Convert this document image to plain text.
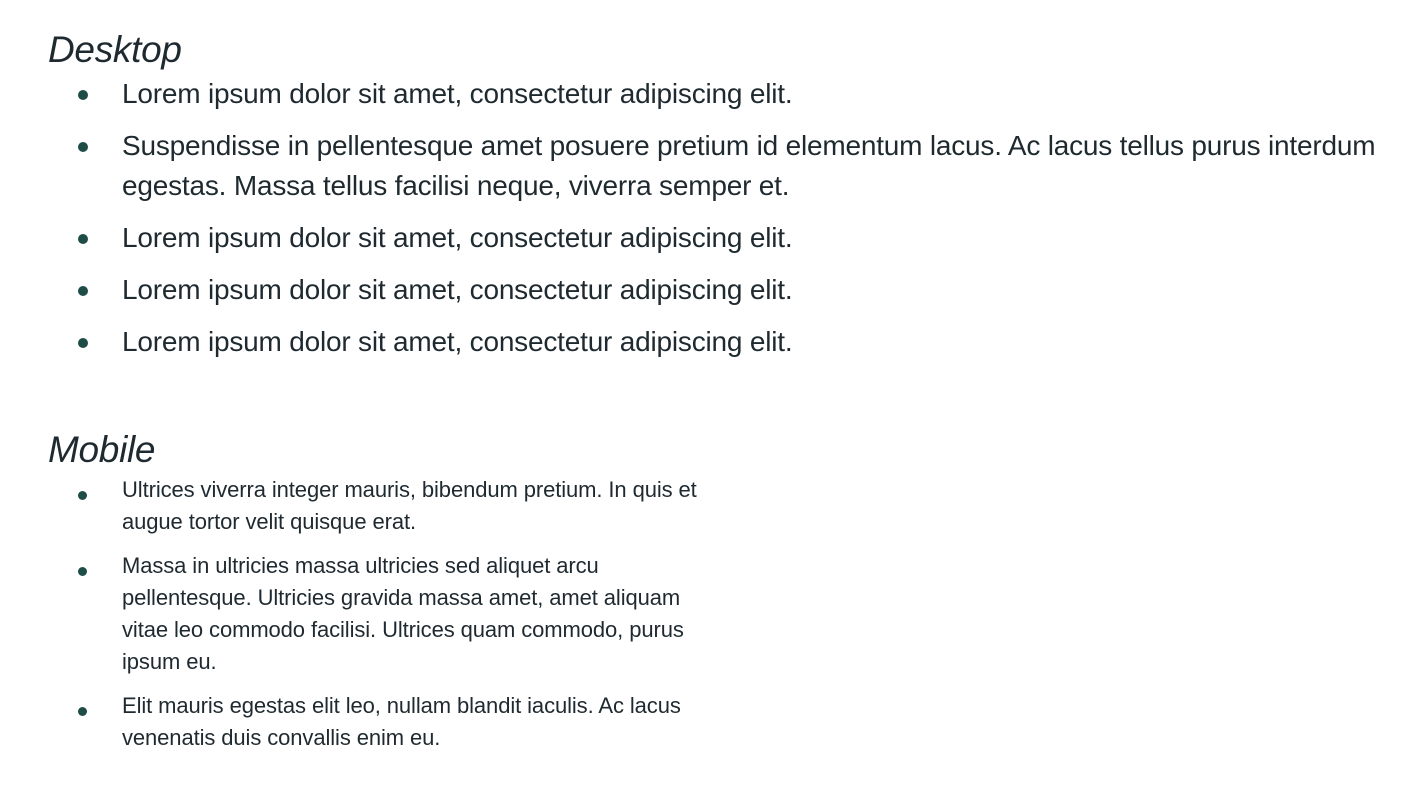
Desktop
Lorem ipsum dolor sit amet, consectetur adipiscing elit.
Suspendisse in pellentesque amet posuere pretium id elementum lacus. Ac lacus tellus purus interdum egestas. Massa tellus facilisi neque, viverra semper et.
Lorem ipsum dolor sit amet, consectetur adipiscing elit.
Lorem ipsum dolor sit amet, consectetur adipiscing elit.
Lorem ipsum dolor sit amet, consectetur adipiscing elit.
Mobile
Ultrices viverra integer mauris, bibendum pretium. In quis et augue tortor velit quisque erat.
Massa in ultricies massa ultricies sed aliquet arcu pellentesque. Ultricies gravida massa amet, amet aliquam vitae leo commodo facilisi. Ultrices quam commodo, purus ipsum eu.
Elit mauris egestas elit leo, nullam blandit iaculis. Ac lacus venenatis duis convallis enim eu.
